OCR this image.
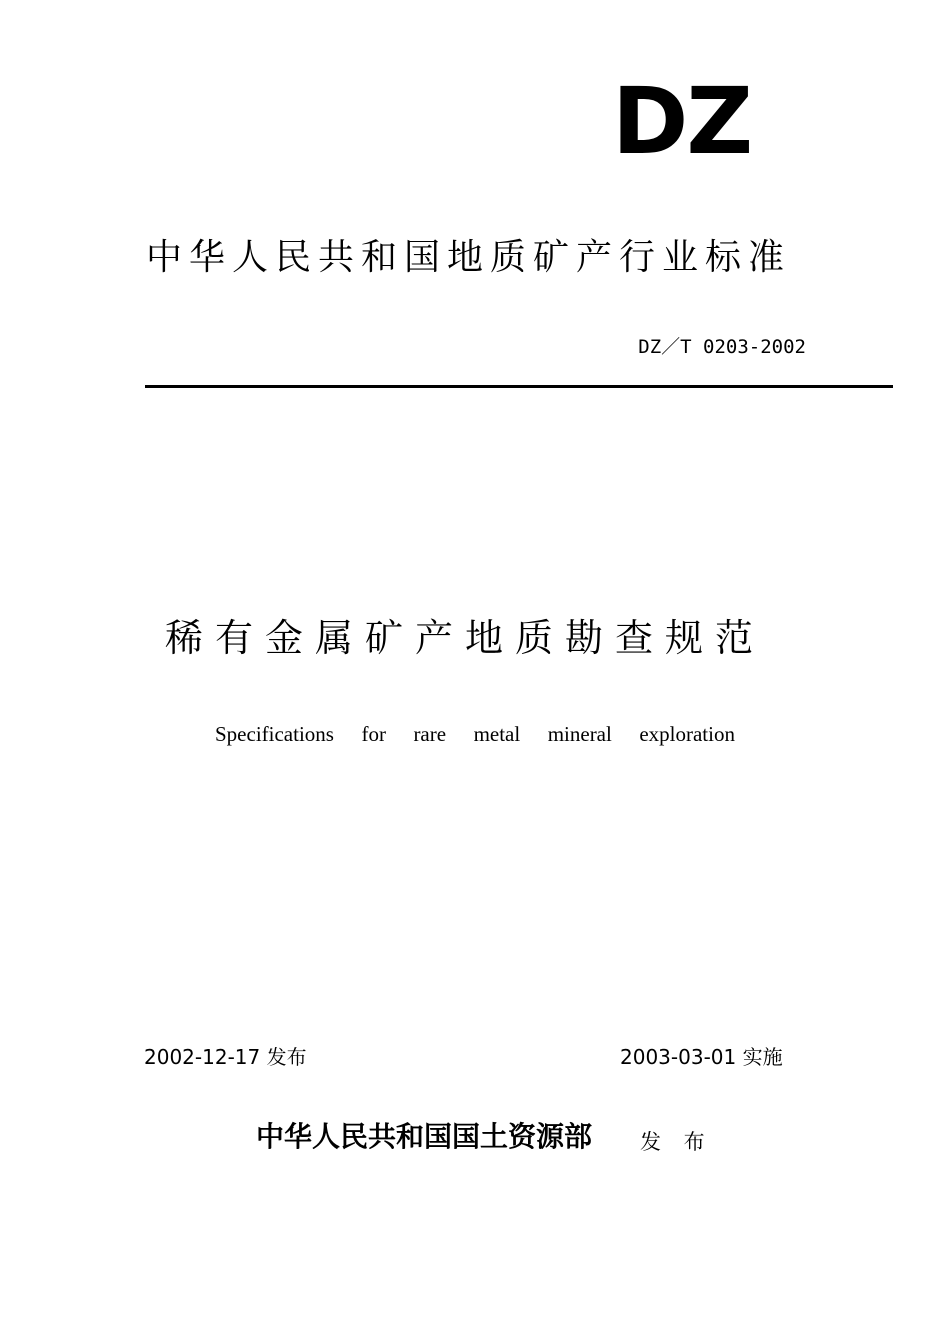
DZ
中华人民共和国地质矿产行业标准
DZ／T 0203-2002
稀有金属矿产地质勘查规范
Specifications for rare metal mineral exploration
2002-12-17 发布	2003-03-01 实施
中华人民共和国国土资源部 发 布
